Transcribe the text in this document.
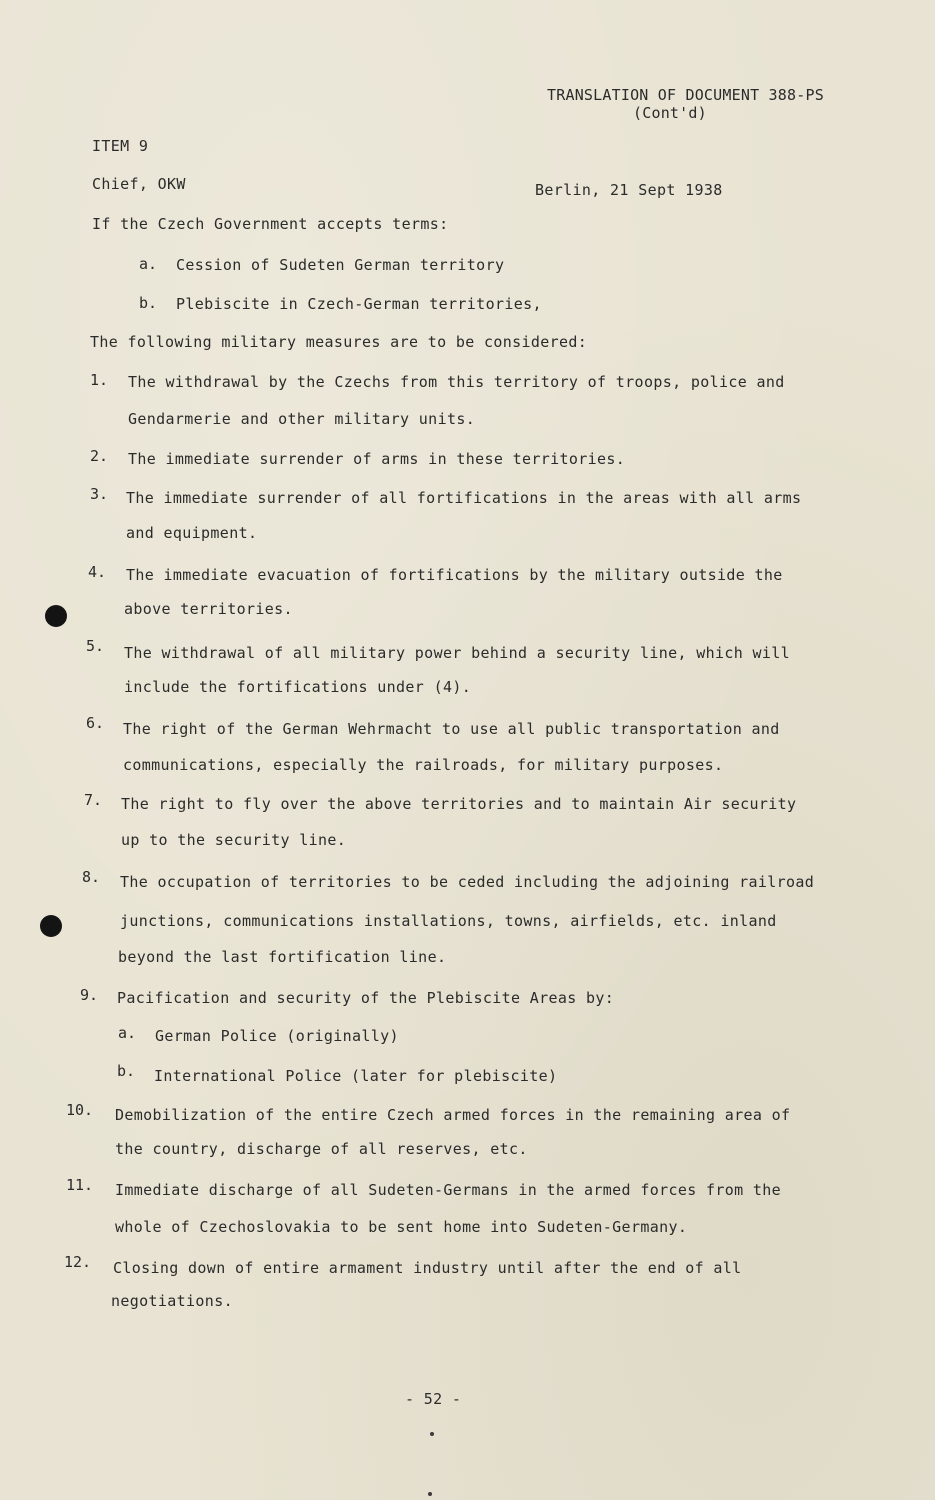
TRANSLATION OF DOCUMENT 388-PS
(Cont'd)
ITEM 9
Chief, OKW	Berlin, 21 Sept 1938
If the Czech Government accepts terms:
a. Cession of Sudeten German territory
b. Plebiscite in Czech-German territories,
The following military measures are to be considered:
1. The withdrawal by the Czechs from this territory of troops, police and
Gendarmerie and other military units.
2. The immediate surrender of arms in these territories.
3. The immediate surrender of all fortifications in the areas with all arms
and equipment.
4. The immediate evacuation of fortifications by the military outside the
above territories.
5. The withdrawal of all military power behind a security line, which will
include the fortifications under (4).
6. The right of the German Wehrmacht to use all public transportation and
communications, especially the railroads, for military purposes.
7. The right to fly over the above territories and to maintain Air security
up to the security line.
8. The occupation of territories to be ceded including the adjoining railroad
junctions, communications installations, towns, airfields, etc. inland
beyond the last fortification line.
9. Pacification and security of the Plebiscite Areas by:
a. German Police (originally)
b. International Police (later for plebiscite)
10. Demobilization of the entire Czech armed forces in the remaining area of
the country, discharge of all reserves, etc.
11. Immediate discharge of all Sudeten-Germans in the armed forces from the
whole of Czechoslovakia to be sent home into Sudeten-Germany.
12. Closing down of entire armament industry until after the end of all
negotiations.
- 52 -
